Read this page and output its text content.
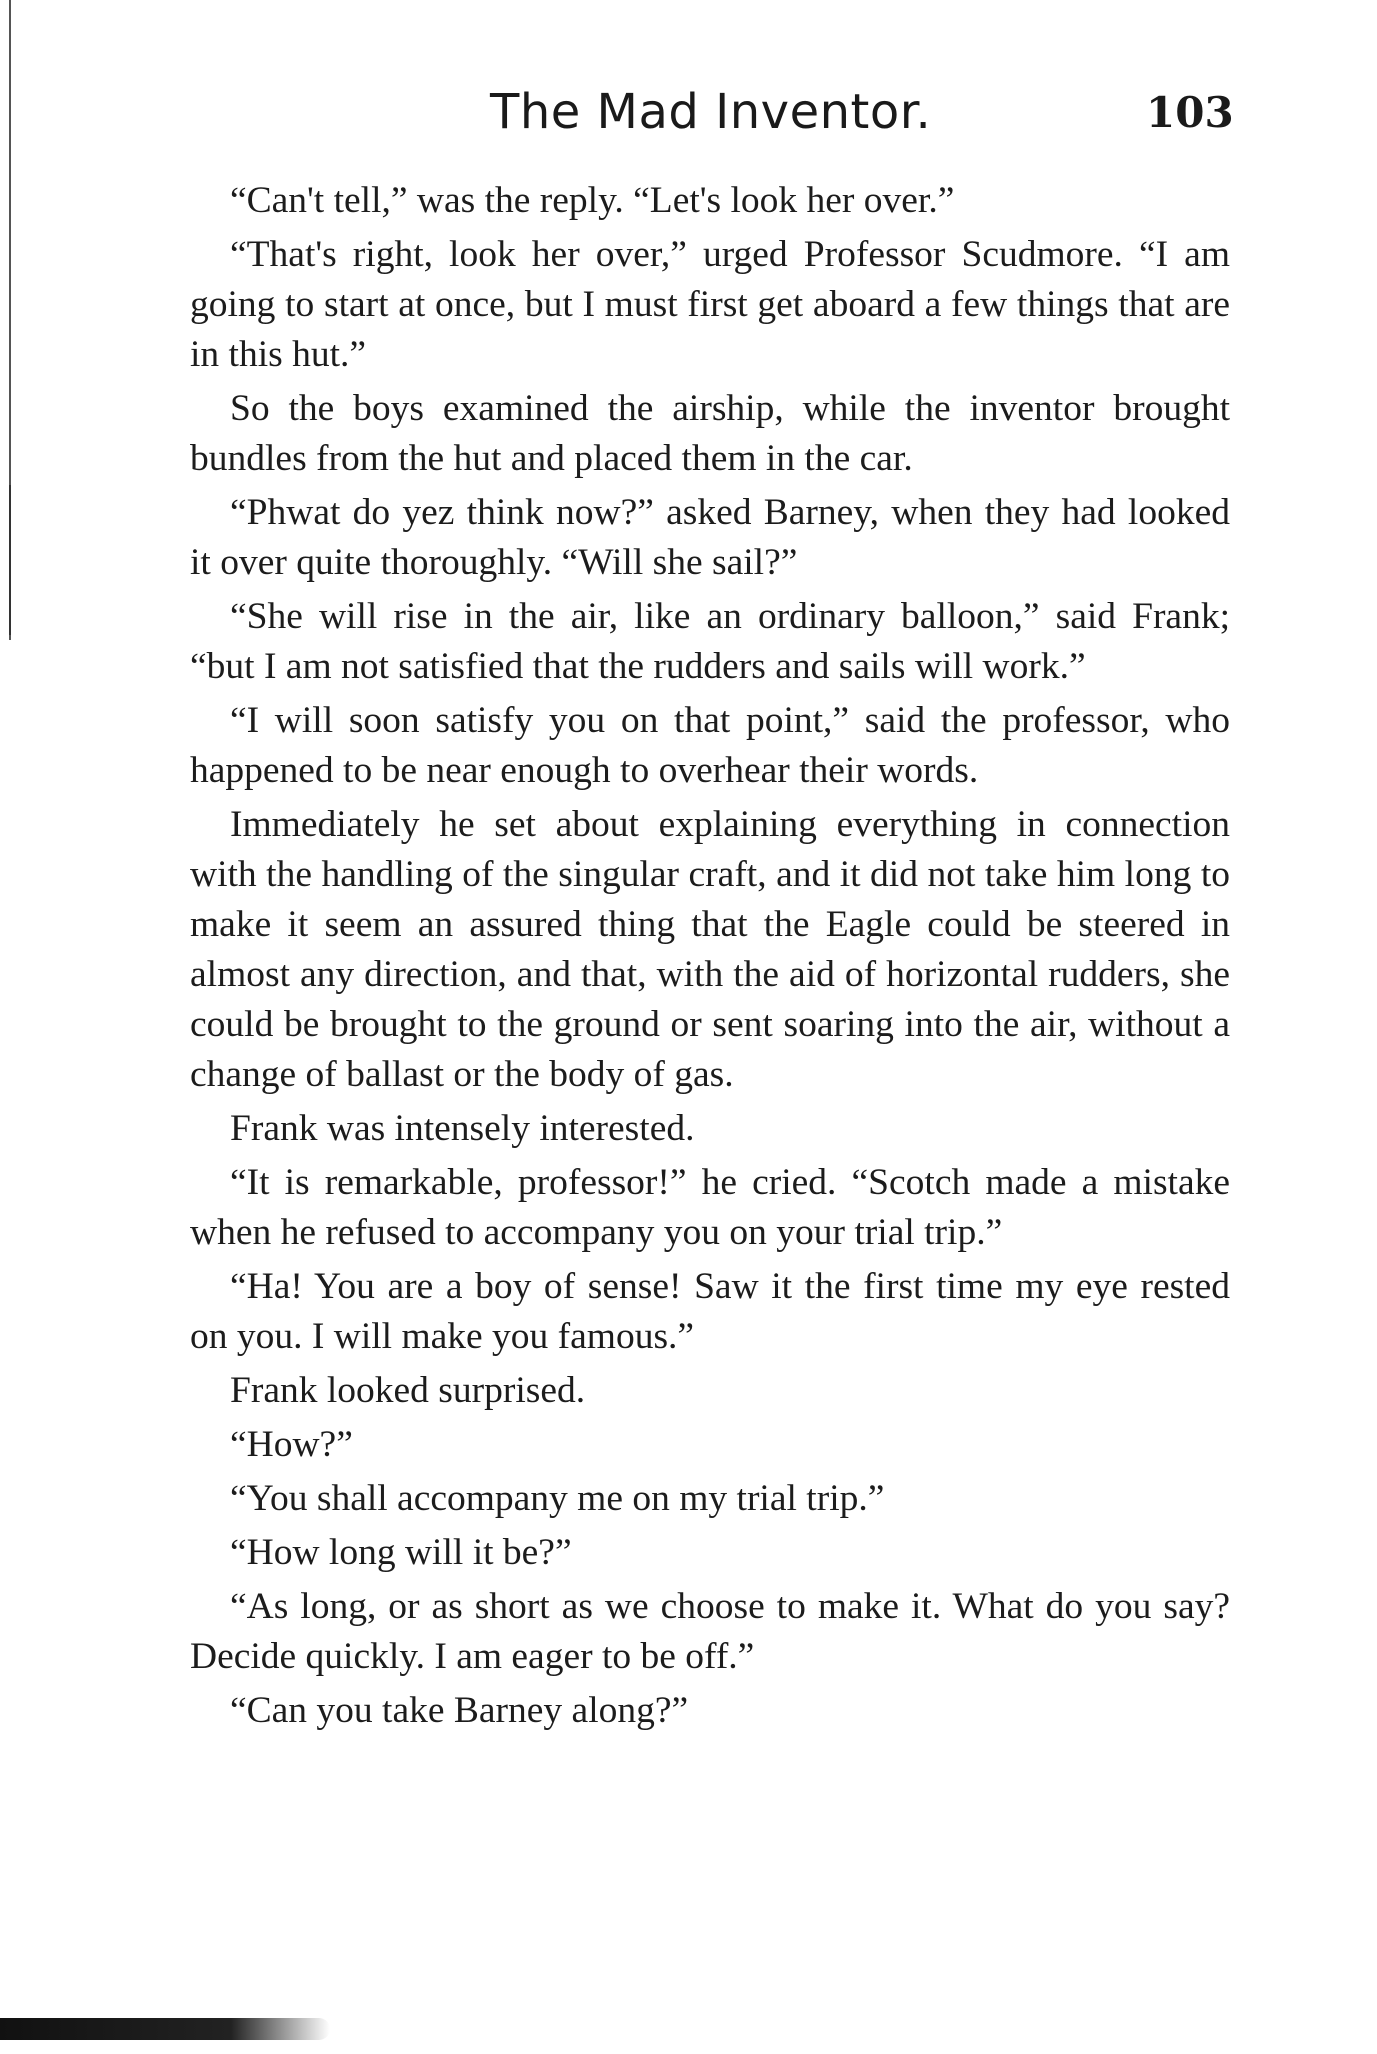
The Mad Inventor.	103

“Can't tell,” was the reply. “Let's look her over.”

“That's right, look her over,” urged Professor Scudmore. “I am going to start at once, but I must first get aboard a few things that are in this hut.”

So the boys examined the airship, while the inventor brought bundles from the hut and placed them in the car.

“Phwat do yez think now?” asked Barney, when they had looked it over quite thoroughly. “Will she sail?”

“She will rise in the air, like an ordinary balloon,” said Frank; “but I am not satisfied that the rudders and sails will work.”

“I will soon satisfy you on that point,” said the professor, who happened to be near enough to overhear their words.

Immediately he set about explaining everything in connection with the handling of the singular craft, and it did not take him long to make it seem an assured thing that the Eagle could be steered in almost any direction, and that, with the aid of horizontal rudders, she could be brought to the ground or sent soaring into the air, without a change of ballast or the body of gas.

Frank was intensely interested.

“It is remarkable, professor!” he cried. “Scotch made a mistake when he refused to accompany you on your trial trip.”

“Ha! You are a boy of sense! Saw it the first time my eye rested on you. I will make you famous.”

Frank looked surprised.

“How?”

“You shall accompany me on my trial trip.”

“How long will it be?”

“As long, or as short as we choose to make it. What do you say? Decide quickly. I am eager to be off.”

“Can you take Barney along?”
